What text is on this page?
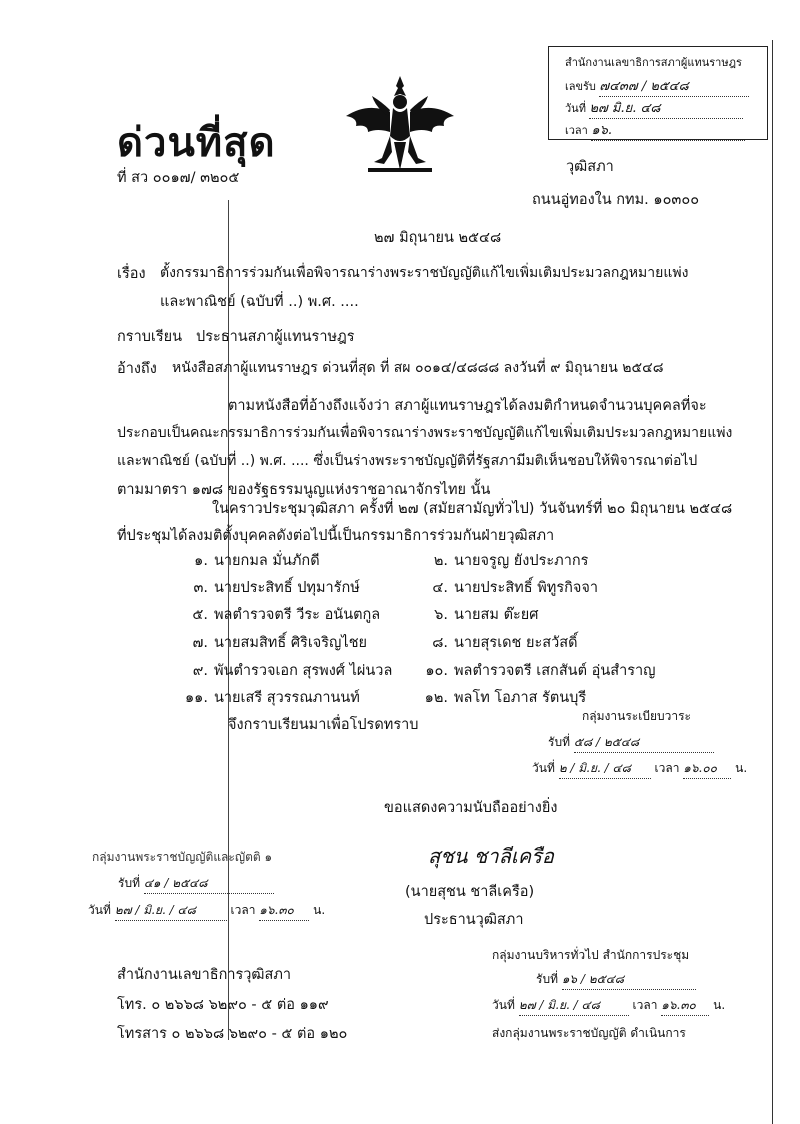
สำนักงานเลขาธิการสภาผู้แทนราษฎร
เลขรับ ๗๔๓๗ / ๒๕๔๘
วันที่ ๒๗ มิ.ย. ๔๘
เวลา ๑๖.
ด่วนที่สุด
ที่ สว ๐๐๑๗/ ๓๒๐๕
วุฒิสภา
ถนนอู่ทองใน กทม. ๑๐๓๐๐
๒๗ มิถุนายน ๒๕๔๘
เรื่อง ตั้งกรรมาธิการร่วมกันเพื่อพิจารณาร่างพระราชบัญญัติแก้ไขเพิ่มเติมประมวลกฎหมายแพ่ง
และพาณิชย์ (ฉบับที่ ..) พ.ศ. ....
กราบเรียน ประธานสภาผู้แทนราษฎร
อ้างถึง หนังสือสภาผู้แทนราษฎร ด่วนที่สุด ที่ สผ ๐๐๑๔/๔๘๘๘ ลงวันที่ ๙ มิถุนายน ๒๕๔๘
ตามหนังสือที่อ้างถึงแจ้งว่า สภาผู้แทนราษฎรได้ลงมติกำหนดจำนวนบุคคลที่จะ
ประกอบเป็นคณะกรรมาธิการร่วมกันเพื่อพิจารณาร่างพระราชบัญญัติแก้ไขเพิ่มเติมประมวลกฎหมายแพ่ง
และพาณิชย์ (ฉบับที่ ..) พ.ศ. .... ซึ่งเป็นร่างพระราชบัญญัติที่รัฐสภามีมติเห็นชอบให้พิจารณาต่อไป
ตามมาตรา ๑๗๘ ของรัฐธรรมนูญแห่งราชอาณาจักรไทย นั้น
ในคราวประชุมวุฒิสภา ครั้งที่ ๒๗ (สมัยสามัญทั่วไป) วันจันทร์ที่ ๒๐ มิถุนายน ๒๕๔๘
ที่ประชุมได้ลงมติตั้งบุคคลดังต่อไปนี้เป็นกรรมาธิการร่วมกันฝ่ายวุฒิสภา
๑. นายกมล มั่นภักดี	๒. นายจรูญ ยังประภากร
๓. นายประสิทธิ์ ปทุมารักษ์	๔. นายประสิทธิ์ พิทูรกิจจา
๕. พลตำรวจตรี วีระ อนันตกูล	๖. นายสม ต๊ะยศ
๗. นายสมสิทธิ์ ศิริเจริญไชย	๘. นายสุรเดช ยะสวัสดิ์
๙. พันตำรวจเอก สุรพงศ์ ไผ่นวล	๑๐. พลตำรวจตรี เสกสันต์ อุ่นสำราญ
๑๑. นายเสรี สุวรรณภานนท์	๑๒. พลโท โอภาส รัตนบุรี
จึงกราบเรียนมาเพื่อโปรดทราบ
กลุ่มงานระเบียบวาระ
รับที่ ๕๘ / ๒๕๔๘
วันที่ ๒ / มิ.ย. / ๔๘ เวลา ๑๖.๐๐ น.
ขอแสดงความนับถืออย่างยิ่ง
กลุ่มงานพระราชบัญญัติและญัตติ ๑
รับที่ ๔๑ / ๒๕๔๘
วันที่ ๒๗ / มิ.ย. / ๔๘	เวลา ๑๖.๓๐ น.
สุชน ชาลีเครือ
(นายสุชน ชาลีเครือ)
ประธานวุฒิสภา
กลุ่มงานบริหารทั่วไป สำนักการประชุม
รับที่ ๑๖ / ๒๕๔๘
วันที่ ๒๗ / มิ.ย. / ๔๘	เวลา ๑๖.๓๐ น.
ส่งกลุ่มงานพระราชบัญญัติ ดำเนินการ
สำนักงานเลขาธิการวุฒิสภา
โทร. ๐ ๒๖๖๘ ๖๒๙๐ - ๕ ต่อ ๑๑๙
โทรสาร ๐ ๒๖๖๘ ๖๒๙๐ - ๕ ต่อ ๑๒๐
